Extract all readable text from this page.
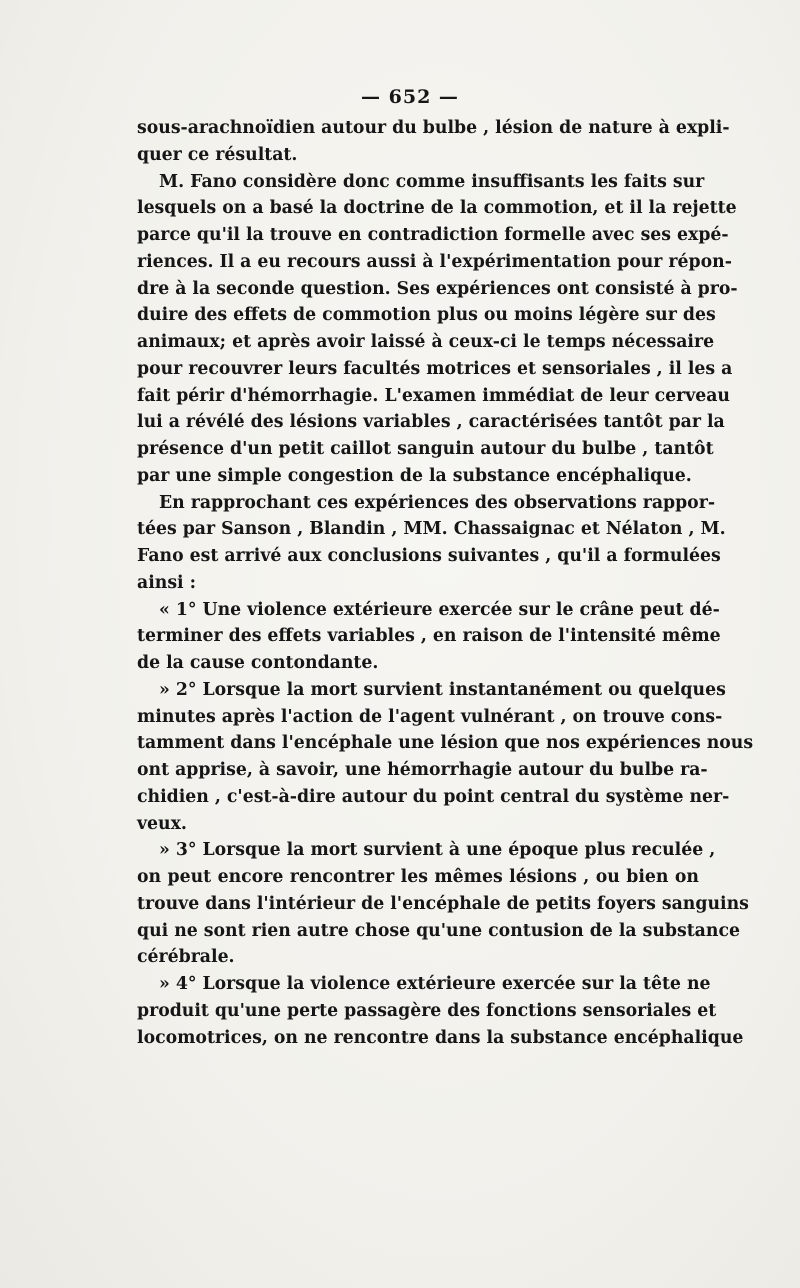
— 652 —
sous-arachnoïdien autour du bulbe , lésion de nature à expli-
quer ce résultat.
M. Fano considère donc comme insuffisants les faits sur
lesquels on a basé la doctrine de la commotion, et il la rejette
parce qu'il la trouve en contradiction formelle avec ses expé-
riences. Il a eu recours aussi à l'expérimentation pour répon-
dre à la seconde question. Ses expériences ont consisté à pro-
duire des effets de commotion plus ou moins légère sur des
animaux; et après avoir laissé à ceux-ci le temps nécessaire
pour recouvrer leurs facultés motrices et sensoriales , il les a
fait périr d'hémorrhagie. L'examen immédiat de leur cerveau
lui a révélé des lésions variables , caractérisées tantôt par la
présence d'un petit caillot sanguin autour du bulbe , tantôt
par une simple congestion de la substance encéphalique.
En rapprochant ces expériences des observations rappor-
tées par Sanson , Blandin , MM. Chassaignac et Nélaton , M.
Fano est arrivé aux conclusions suivantes , qu'il a formulées
ainsi :
« 1° Une violence extérieure exercée sur le crâne peut dé-
terminer des effets variables , en raison de l'intensité même
de la cause contondante.
» 2° Lorsque la mort survient instantanément ou quelques
minutes après l'action de l'agent vulnérant , on trouve cons-
tamment dans l'encéphale une lésion que nos expériences nous
ont apprise, à savoir, une hémorrhagie autour du bulbe ra-
chidien , c'est-à-dire autour du point central du système ner-
veux.
» 3° Lorsque la mort survient à une époque plus reculée ,
on peut encore rencontrer les mêmes lésions , ou bien on
trouve dans l'intérieur de l'encéphale de petits foyers sanguins
qui ne sont rien autre chose qu'une contusion de la substance
cérébrale.
» 4° Lorsque la violence extérieure exercée sur la tête ne
produit qu'une perte passagère des fonctions sensoriales et
locomotrices, on ne rencontre dans la substance encéphalique
